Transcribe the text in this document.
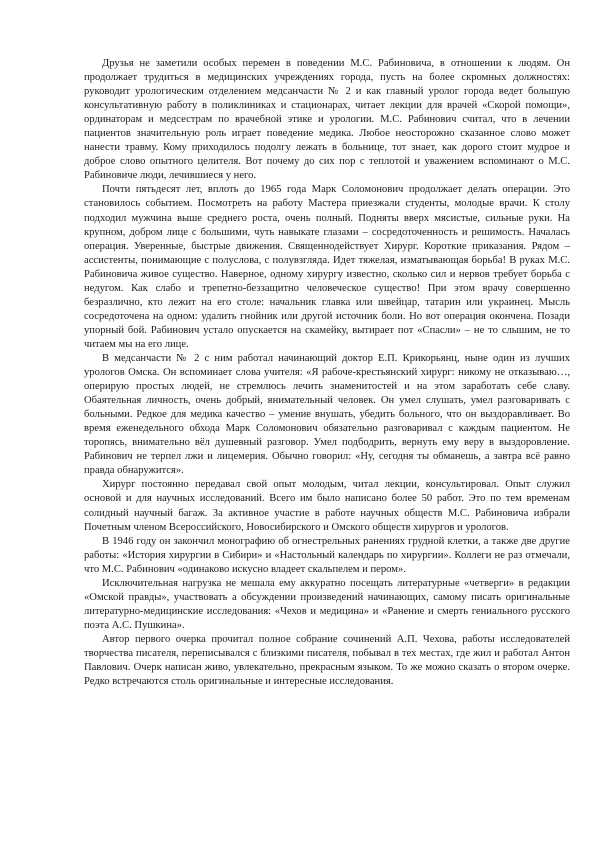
Друзья не заметили особых перемен в поведении М.С. Рабиновича, в отношении к людям. Он продолжает трудиться в медицинских учреждениях города, пусть на более скромных должностях: руководит урологическим отделением медсанчасти № 2 и как главный уролог города ведет большую консультативную работу в поликлиниках и стационарах, читает лекции для врачей «Скорой помощи», ординаторам и медсестрам по врачебной этике и урологии. М.С. Рабинович считал, что в лечении пациентов значительную роль играет поведение медика. Любое неосторожно сказанное слово может нанести травму. Кому приходилось подолгу лежать в больнице, тот знает, как дорого стоит мудрое и доброе слово опытного целителя. Вот почему до сих пор с теплотой и уважением вспоминают о М.С. Рабиновиче люди, лечившиеся у него.

Почти пятьдесят лет, вплоть до 1965 года Марк Соломонович продолжает делать операции. Это становилось событием. Посмотреть на работу Мастера приезжали студенты, молодые врачи. К столу подходил мужчина выше среднего роста, очень полный. Подняты вверх мясистые, сильные руки. На крупном, добром лице с большими, чуть навыкате глазами – сосредоточенность и решимость. Началась операция. Уверенные, быстрые движения. Священнодействует Хирург. Короткие приказания. Рядом – ассистенты, понимающие с полуслова, с полувзгляда. Идет тяжелая, изматывающая борьба! В руках М.С. Рабиновича живое существо. Наверное, одному хирургу известно, сколько сил и нервов требует борьба с недугом. Как слабо и трепетно-беззащитно человеческое существо! При этом врачу совершенно безразлично, кто лежит на его столе: начальник главка или швейцар, татарин или украинец. Мысль сосредоточена на одном: удалить гнойник или другой источник боли. Но вот операция окончена. Позади упорный бой. Рабинович устало опускается на скамейку, вытирает пот «Спасли» – не то слышим, не то читаем мы на его лице.

В медсанчасти № 2 с ним работал начинающий доктор Е.П. Крикорьянц, ныне один из лучших урологов Омска. Он вспоминает слова учителя: «Я рабоче-крестьянский хирург: никому не отказываю…, оперирую простых людей, не стремлюсь лечить знаменитостей и на этом заработать себе славу. Обаятельная личность, очень добрый, внимательный человек. Он умел слушать, умел разговаривать с больными. Редкое для медика качество – умение внушать, убедить больного, что он выздоравливает. Во время еженедельного обхода Марк Соломонович обязательно разговаривал с каждым пациентом. Не торопясь, внимательно вёл душевный разговор. Умел подбодрить, вернуть ему веру в выздоровление. Рабинович не терпел лжи и лицемерия. Обычно говорил: «Ну, сегодня ты обманешь, а завтра всё равно правда обнаружится».

Хирург постоянно передавал свой опыт молодым, читал лекции, консультировал. Опыт служил основой и для научных исследований. Всего им было написано более 50 работ. Это по тем временам солидный научный багаж. За активное участие в работе научных обществ М.С. Рабиновича избрали Почетным членом Всероссийского, Новосибирского и Омского обществ хирургов и урологов.

В 1946 году он закончил монографию об огнестрельных ранениях грудной клетки, а также две другие работы: «История хирургии в Сибири» и «Настольный календарь по хирургии». Коллеги не раз отмечали, что М.С. Рабинович «одинаково искусно владеет скальпелем и пером».

Исключительная нагрузка не мешала ему аккуратно посещать литературные «четверги» в редакции «Омской правды», участвовать а обсуждении произведений начинающих, самому писать оригинальные литературно-медицинские исследования: «Чехов и медицина» и «Ранение и смерть гениального русского поэта А.С. Пушкина».

Автор первого очерка прочитал полное собрание сочинений А.П. Чехова, работы исследователей творчества писателя, переписывался с близкими писателя, побывал в тех местах, где жил и работал Антон Павлович. Очерк написан живо, увлекательно, прекрасным языком. То же можно сказать о втором очерке. Редко встречаются столь оригинальные и интересные исследования.
